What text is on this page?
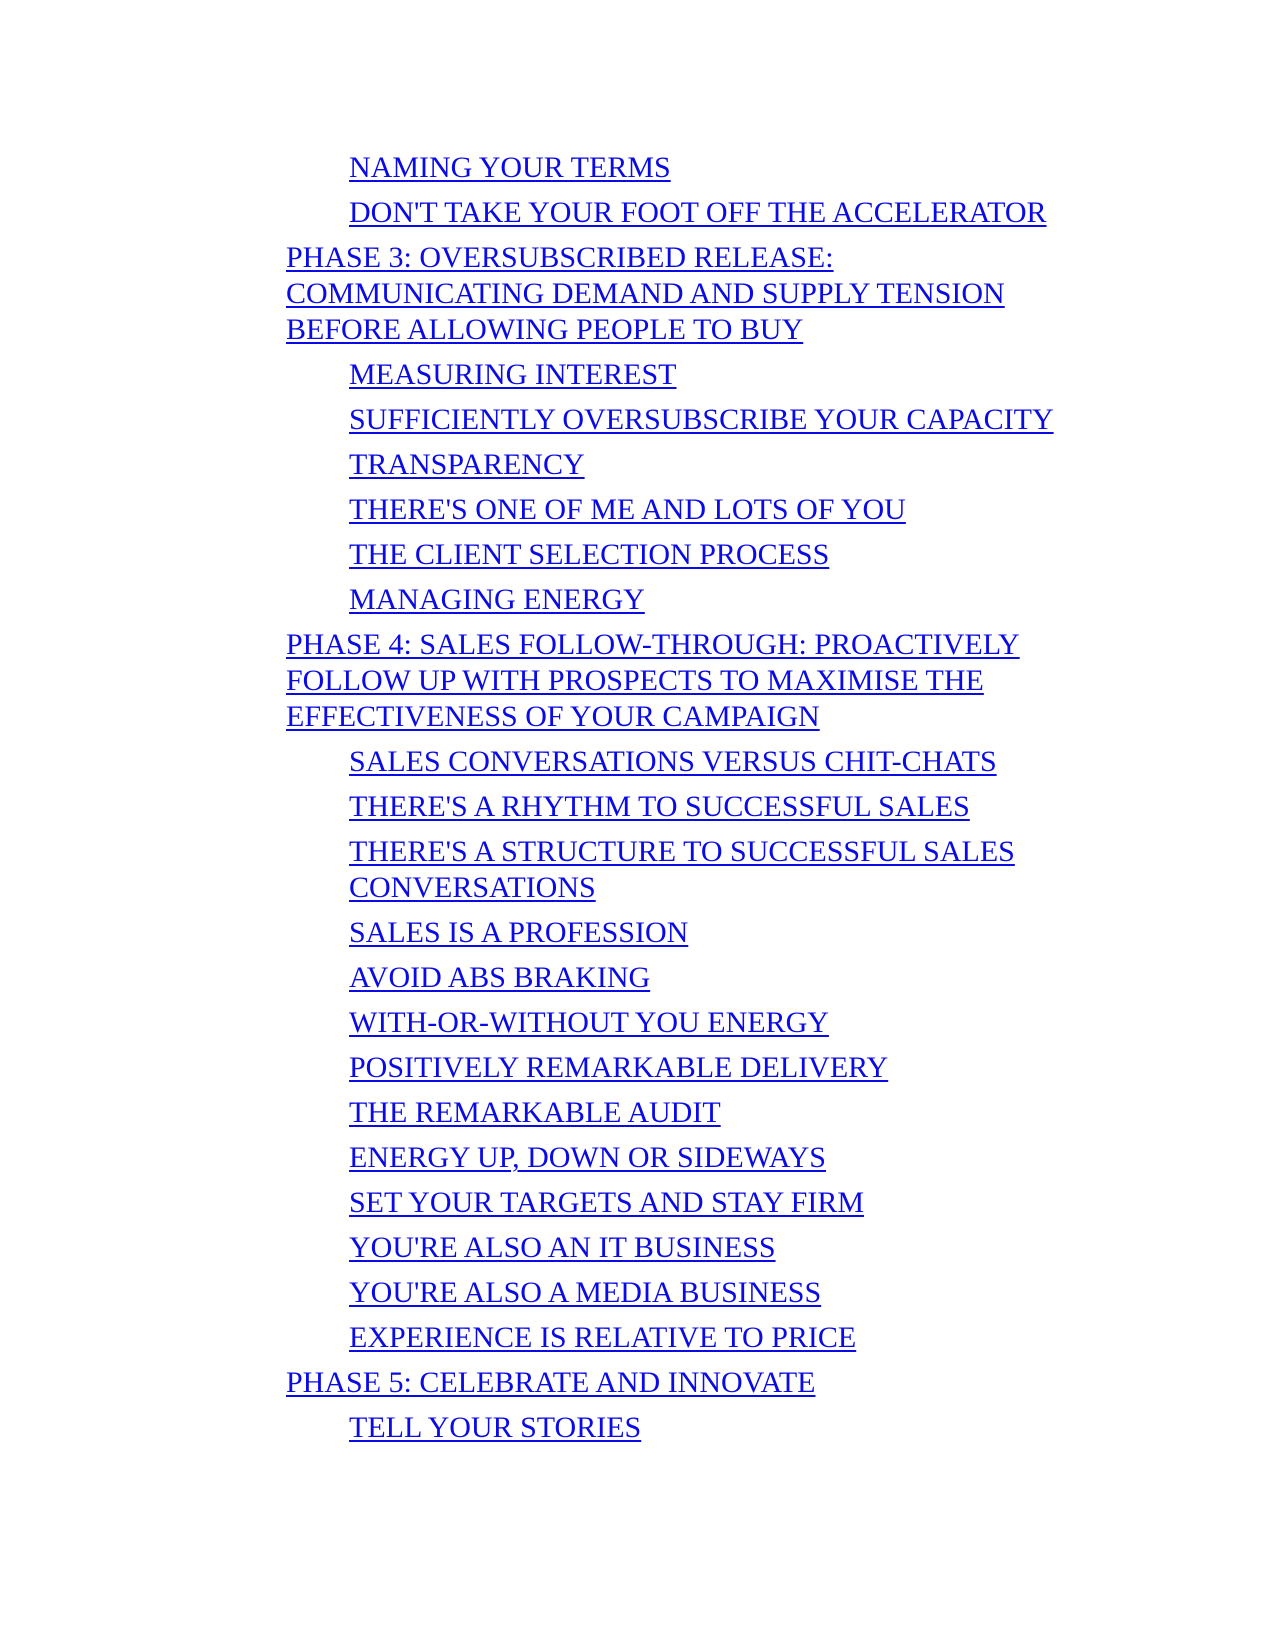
NAMING YOUR TERMS
DON'T TAKE YOUR FOOT OFF THE ACCELERATOR
PHASE 3: OVERSUBSCRIBED RELEASE: COMMUNICATING DEMAND AND SUPPLY TENSION BEFORE ALLOWING PEOPLE TO BUY
MEASURING INTEREST
SUFFICIENTLY OVERSUBSCRIBE YOUR CAPACITY
TRANSPARENCY
THERE'S ONE OF ME AND LOTS OF YOU
THE CLIENT SELECTION PROCESS
MANAGING ENERGY
PHASE 4: SALES FOLLOW-THROUGH: PROACTIVELY FOLLOW UP WITH PROSPECTS TO MAXIMISE THE EFFECTIVENESS OF YOUR CAMPAIGN
SALES CONVERSATIONS VERSUS CHIT-CHATS
THERE'S A RHYTHM TO SUCCESSFUL SALES
THERE'S A STRUCTURE TO SUCCESSFUL SALES CONVERSATIONS
SALES IS A PROFESSION
AVOID ABS BRAKING
WITH-OR-WITHOUT YOU ENERGY
POSITIVELY REMARKABLE DELIVERY
THE REMARKABLE AUDIT
ENERGY UP, DOWN OR SIDEWAYS
SET YOUR TARGETS AND STAY FIRM
YOU'RE ALSO AN IT BUSINESS
YOU'RE ALSO A MEDIA BUSINESS
EXPERIENCE IS RELATIVE TO PRICE
PHASE 5: CELEBRATE AND INNOVATE
TELL YOUR STORIES
